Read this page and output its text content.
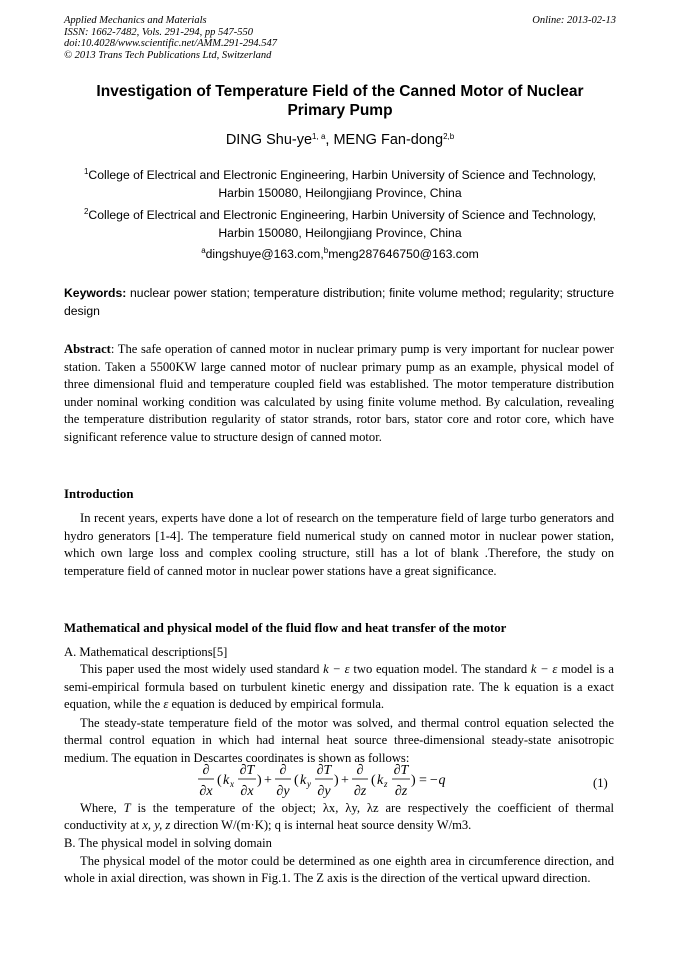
Applied Mechanics and Materials	Online: 2013-02-13
ISSN: 1662-7482, Vols. 291-294, pp 547-550
doi:10.4028/www.scientific.net/AMM.291-294.547
© 2013 Trans Tech Publications Ltd, Switzerland
Investigation of Temperature Field of the Canned Motor of Nuclear
Primary Pump
DING Shu-ye$^{1, a}$, MENG Fan-dong$^{2,b}$
$^1$College of Electrical and Electronic Engineering, Harbin University of Science and Technology,
Harbin 150080, Heilongjiang Province, China
$^2$College of Electrical and Electronic Engineering, Harbin University of Science and Technology,
Harbin 150080, Heilongjiang Province, China
$^a$dingshuye@163.com,$^b$meng287646750@163.com
Keywords: nuclear power station; temperature distribution; finite volume method; regularity; structure design
Abstract: The safe operation of canned motor in nuclear primary pump is very important for nuclear power station. Taken a 5500KW large canned motor of nuclear primary pump as an example, physical model of three dimensional fluid and temperature coupled field was established. The motor temperature distribution under nominal working condition was calculated by using finite volume method. By calculation, revealing the temperature distribution regularity of stator strands, rotor bars, stator core and rotor core, which have significant reference value to structure design of canned motor.
Introduction
In recent years, experts have done a lot of research on the temperature field of large turbo generators and hydro generators [1-4]. The temperature field numerical study on canned motor in nuclear power station, which own large loss and complex cooling structure, still has a lot of blank .Therefore, the study on temperature field of canned motor in nuclear power stations have a great significance.
Mathematical and physical model of the fluid flow and heat transfer of the motor

A. Mathematical descriptions[5]

This paper used the most widely used standard k − ε two equation model. The standard k − ε model is a semi-empirical formula based on turbulent kinetic energy and dissipation rate. The k equation is a exact equation, while the ε equation is deduced by empirical formula.

The steady-state temperature field of the motor was solved, and thermal control equation selected the thermal control equation in which had internal heat source three-dimensional steady-state anisotropic medium. The equation in Descartes coordinates is shown as follows:
∂
∂x
( k x
∂T
∂x
) +
∂
∂y
( k y
∂T
∂y
) +
∂
∂z
( k z
∂T
∂z
) = −q	(1)
Where, T is the temperature of the object; λx, λy, λz are respectively the coefficient of thermal conductivity at x, y, z direction W/(m·K); q is internal heat source density W/m3.
B. The physical model in solving domain
The physical model of the motor could be determined as one eighth area in circumference direction, and whole in axial direction, was shown in Fig.1. The Z axis is the direction of the vertical upward direction.
